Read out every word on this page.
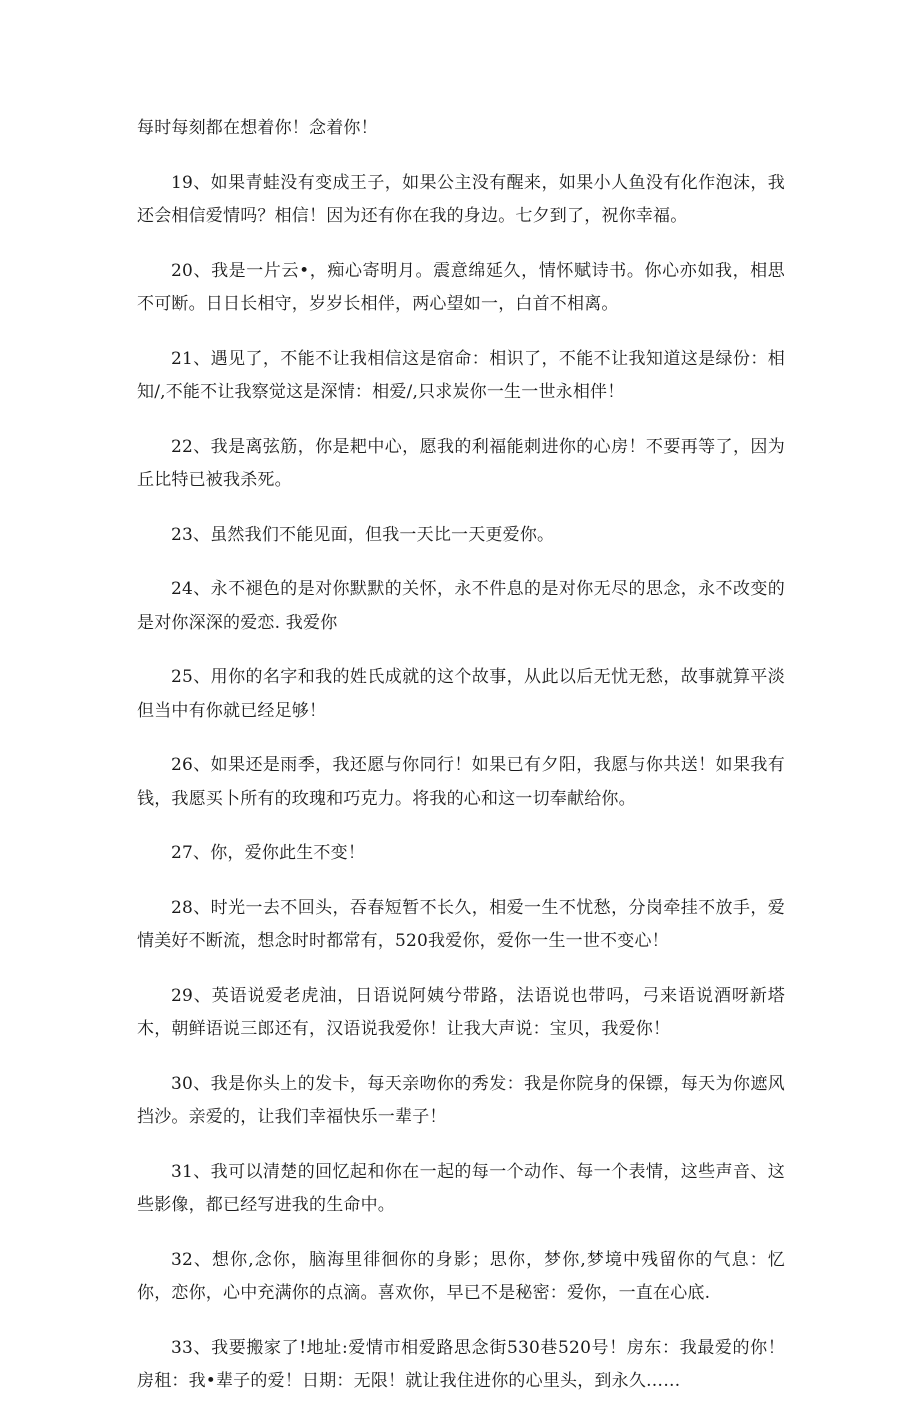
每时每刻都在想着你！念着你！

19、如果青蛙没有变成王子，如果公主没有醒来，如果小人鱼没有化作泡沫，我还会相信爱情吗？相信！因为还有你在我的身边。七夕到了，祝你幸福。

20、我是一片云•，痴心寄明月。震意绵延久，情怀赋诗书。你心亦如我，相思不可断。日日长相守，岁岁长相伴，两心望如一，白首不相离。

21、遇见了，不能不让我相信这是宿命：相识了，不能不让我知道这是绿份：相知/,不能不让我察觉这是深情：相爱/,只求炭你一生一世永相伴！

22、我是离弦筋，你是耙中心，愿我的利福能刺进你的心房！不要再等了，因为丘比特已被我杀死。

23、虽然我们不能见面，但我一天比一天更爱你。

24、永不褪色的是对你默默的关怀，永不件息的是对你无尽的思念，永不改变的是对你深深的爱恋. 我爱你

25、用你的名字和我的姓氏成就的这个故事，从此以后无忧无愁，故事就算平淡但当中有你就已经足够！

26、如果还是雨季，我还愿与你同行！如果已有夕阳，我愿与你共送！如果我有钱，我愿买卜所有的玫瑰和巧克力。将我的心和这一切奉献给你。

27、你，爱你此生不变！

28、时光一去不回头，吞春短暂不长久，相爱一生不忧愁，分岗牵挂不放手，爱情美好不断流，想念时时都常有，520我爱你，爱你一生一世不变心！

29、英语说爱老虎油，日语说阿姨兮带路，法语说也带吗，弓来语说酒呀新塔木，朝鲜语说三郎还有，汉语说我爱你！让我大声说：宝贝，我爱你！

30、我是你头上的发卡，每天亲吻你的秀发：我是你院身的保镖，每天为你遮风挡沙。亲爱的，让我们幸福快乐一辈子！

31、我可以清楚的回忆起和你在一起的每一个动作、每一个表情，这些声音、这些影像，都已经写进我的生命中。

32、想你,念你，脑海里徘徊你的身影；思你，梦你,梦境中残留你的气息：忆你，恋你，心中充满你的点滴。喜欢你，早已不是秘密：爱你，一直在心底.

33、我要搬家了!地址:爱情市相爱路思念街530巷520号！房东：我最爱的你！房租：我•辈子的爱！日期：无限！就让我住进你的心里头，到永久……
